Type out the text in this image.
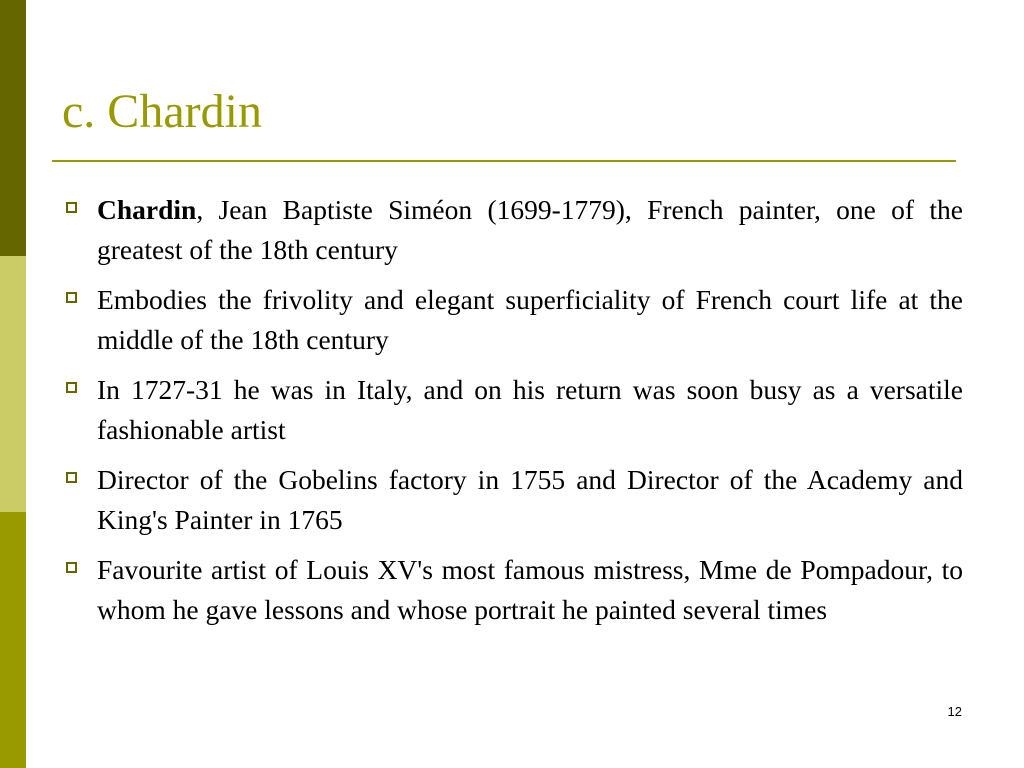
c. Chardin
Chardin, Jean Baptiste Siméon (1699-1779), French painter, one of the greatest of the 18th century
Embodies the frivolity and elegant superficiality of French court life at the middle of the 18th century
In 1727-31 he was in Italy, and on his return was soon busy as a versatile fashionable artist
Director of the Gobelins factory in 1755 and Director of the Academy and King's Painter in 1765
Favourite artist of Louis XV's most famous mistress, Mme de Pompadour, to whom he gave lessons and whose portrait he painted several times
12
